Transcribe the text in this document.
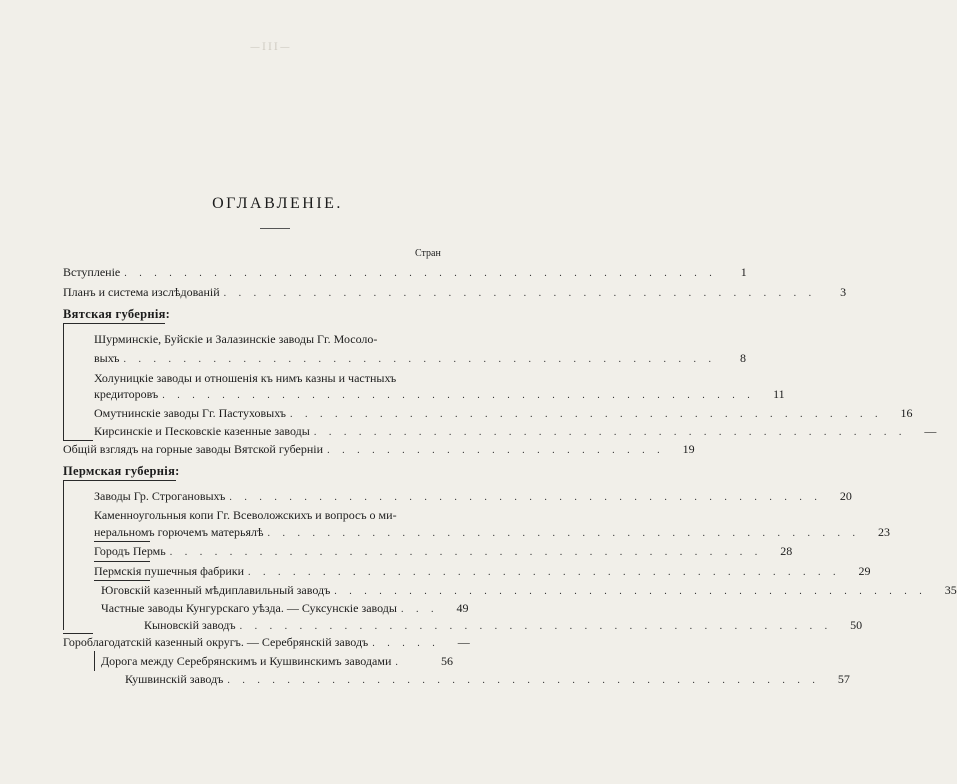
—III—
ОГЛАВЛЕНІЕ.
Стран
Вступленіе . . . . . . . . . . . . . . . . . . . . . . . . . . . . . . . . . . . . . . . .	1
Планъ и система изслѣдованій . . . . . . . . . . . . . . . . . . . . . . . . . . . . . . . . . . . . . . . .	3
Вятская губернія:
Шурминскіе, Буйскіе и Залазинскіе заводы Гг. Мосоло-
выхъ . . . . . . . . . . . . . . . . . . . . . . . . . . . . . . . . . . . . . . . .	8
Холуницкіе заводы и отношенія къ нимъ казны и частныхъ
кредиторовъ . . . . . . . . . . . . . . . . . . . . . . . . . . . . . . . . . . . . . . . .	11
Омутнинскіе заводы Гг. Пастуховыхъ . . . . . . . . . . . . . . . . . . . . . . . . . . . . . . . . . . . . . . . .	16
Кирсинскіе и Песковскіе казенные заводы . . . . . . . . . . . . . . . . . . . . . . . . . . . . . . . . . . . . . . . .	—
Общій взглядъ на горные заводы Вятской губерніи . . . . . . . . . . . . . . . . . . . . . . .	19
Пермская губернія:
Заводы Гр. Строгановыхъ . . . . . . . . . . . . . . . . . . . . . . . . . . . . . . . . . . . . . . . .	20
Каменноугольныя копи Гг. Всеволожскихъ и вопросъ о ми-
неральномъ горючемъ матерьялѣ . . . . . . . . . . . . . . . . . . . . . . . . . . . . . . . . . . . . . . . .	23
Городъ Пермь . . . . . . . . . . . . . . . . . . . . . . . . . . . . . . . . . . . . . . . .	28
Пермскія пушечныя фабрики . . . . . . . . . . . . . . . . . . . . . . . . . . . . . . . . . . . . . . . .	29
Юговскій казенный мѣдиплавильный заводъ . . . . . . . . . . . . . . . . . . . . . . . . . . . . . . . . . . . . . . . .	35
Частные заводы Кунгурскаго уѣзда. — Суксунскіе заводы . . .	49
Кыновскій заводъ . . . . . . . . . . . . . . . . . . . . . . . . . . . . . . . . . . . . . . . .	50
Гороблагодатскій казенный округъ. — Серебрянскій заводъ . . . . .	—
Дорога между Серебрянскимъ и Кушвинскимъ заводами .	56
Кушвинскій заводъ . . . . . . . . . . . . . . . . . . . . . . . . . . . . . . . . . . . . . . . .	57
